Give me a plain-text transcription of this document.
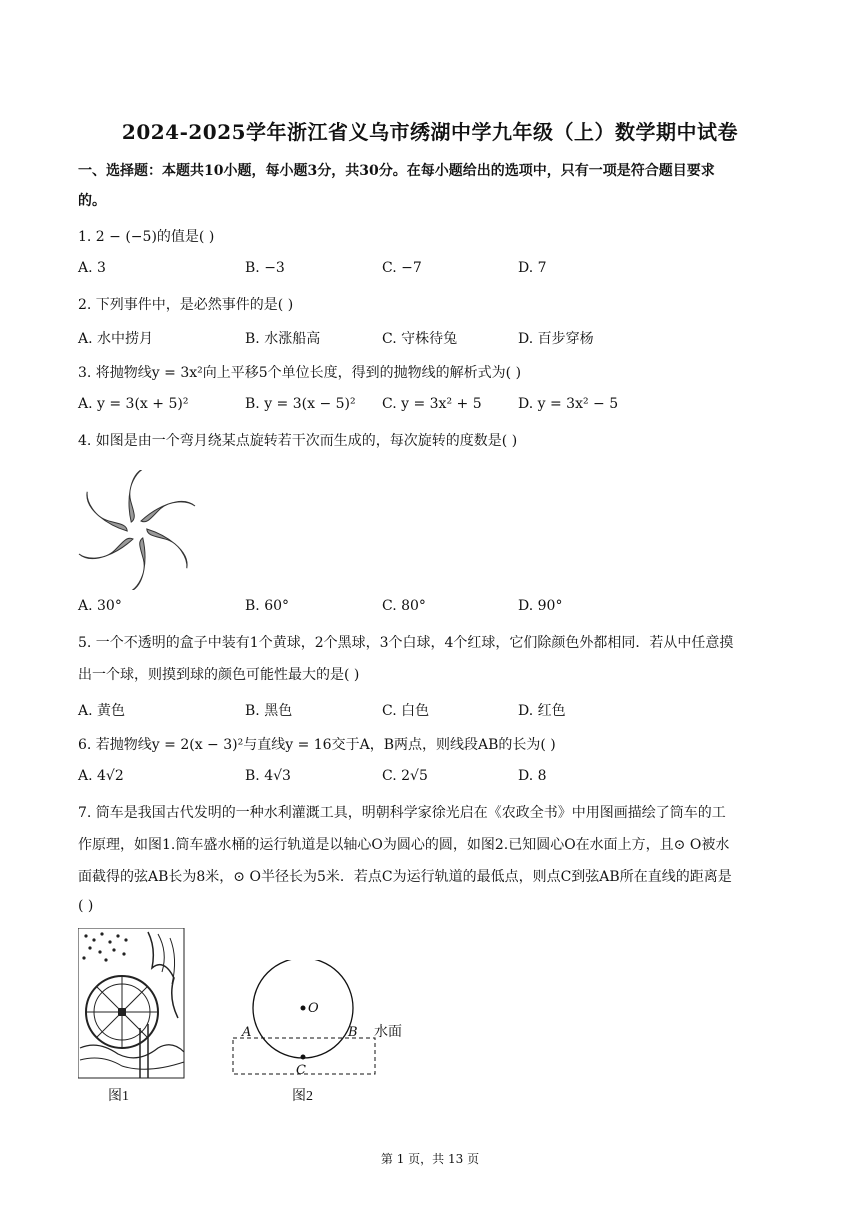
2024-2025学年浙江省义乌市绣湖中学九年级（上）数学期中试卷
一、选择题：本题共10小题，每小题3分，共30分。在每小题给出的选项中，只有一项是符合题目要求
的。
1. 2 − (−5)的值是( )
A. 3	B. −3	C. −7	D. 7
2. 下列事件中，是必然事件的是( )
A. 水中捞月	B. 水涨船高	C. 守株待兔	D. 百步穿杨
3. 将抛物线y = 3x²向上平移5个单位长度，得到的抛物线的解析式为( )
A. y = 3(x + 5)²	B. y = 3(x − 5)² C. y = 3x² + 5	D. y = 3x² − 5
4. 如图是由一个弯月绕某点旋转若干次而生成的，每次旋转的度数是( )
A. 30°	B. 60°	C. 80°	D. 90°
5. 一个不透明的盒子中装有1个黄球，2个黑球，3个白球，4个红球，它们除颜色外都相同．若从中任意摸
出一个球，则摸到球的颜色可能性最大的是( )
A. 黄色	B. 黑色	C. 白色	D. 红色
6. 若抛物线y = 2(x − 3)²与直线y = 16交于A，B两点，则线段AB的长为( )
A. 4√2	B. 4√3	C. 2√5	D. 8
7. 筒车是我国古代发明的一种水利灌溉工具，明朝科学家徐光启在《农政全书》中用图画描绘了筒车的工
作原理，如图1.筒车盛水桶的运行轨道是以轴心O为圆心的圆，如图2.已知圆心O在水面上方，且⊙ O被水
面截得的弦AB长为8米，⊙ O半径长为5米．若点C为运行轨道的最低点，则点C到弦AB所在直线的距离是
( )
图1
O
A	B
C
水面
图2
第 1 页，共 13 页
